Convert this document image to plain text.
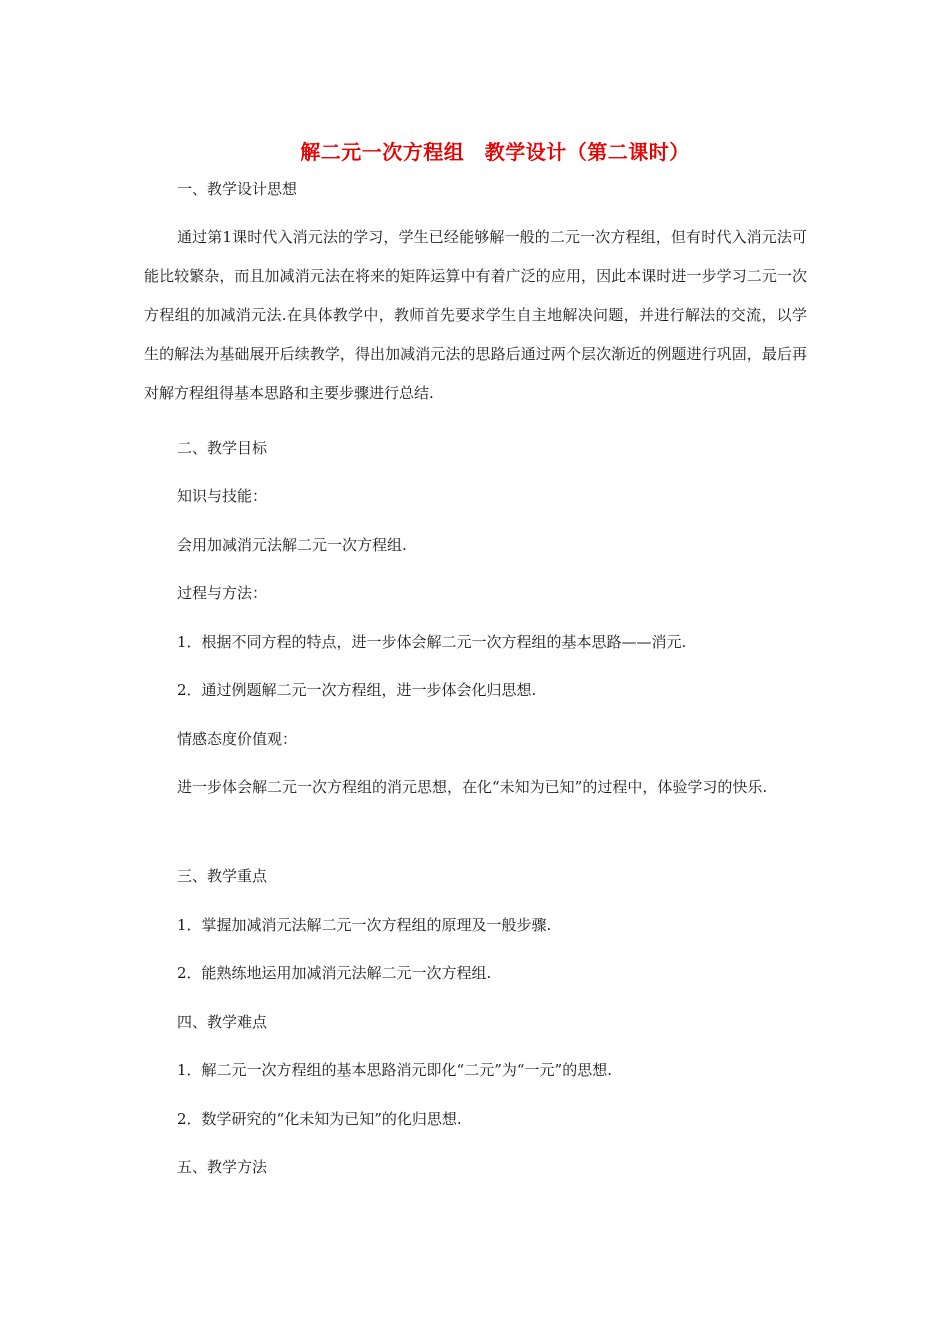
解二元一次方程组　教学设计（第二课时）
一、教学设计思想

通过第1课时代入消元法的学习，学生已经能够解一般的二元一次方程组，但有时代入消元法可能比较繁杂，而且加减消元法在将来的矩阵运算中有着广泛的应用，因此本课时进一步学习二元一次方程组的加减消元法.在具体教学中，教师首先要求学生自主地解决问题，并进行解法的交流，以学生的解法为基础展开后续教学，得出加减消元法的思路后通过两个层次渐近的例题进行巩固，最后再对解方程组得基本思路和主要步骤进行总结.

二、教学目标
知识与技能：
会用加减消元法解二元一次方程组.
过程与方法：
1．根据不同方程的特点，进一步体会解二元一次方程组的基本思路——消元.
2．通过例题解二元一次方程组，进一步体会化归思想.
情感态度价值观：

进一步体会解二元一次方程组的消元思想，在化“未知为已知”的过程中，体验学习的快乐.

三、教学重点
1．掌握加减消元法解二元一次方程组的原理及一般步骤.
2．能熟练地运用加减消元法解二元一次方程组.
四、教学难点
1．解二元一次方程组的基本思路消元即化“二元”为“一元”的思想.
2．数学研究的“化未知为已知”的化归思想.
五、教学方法
